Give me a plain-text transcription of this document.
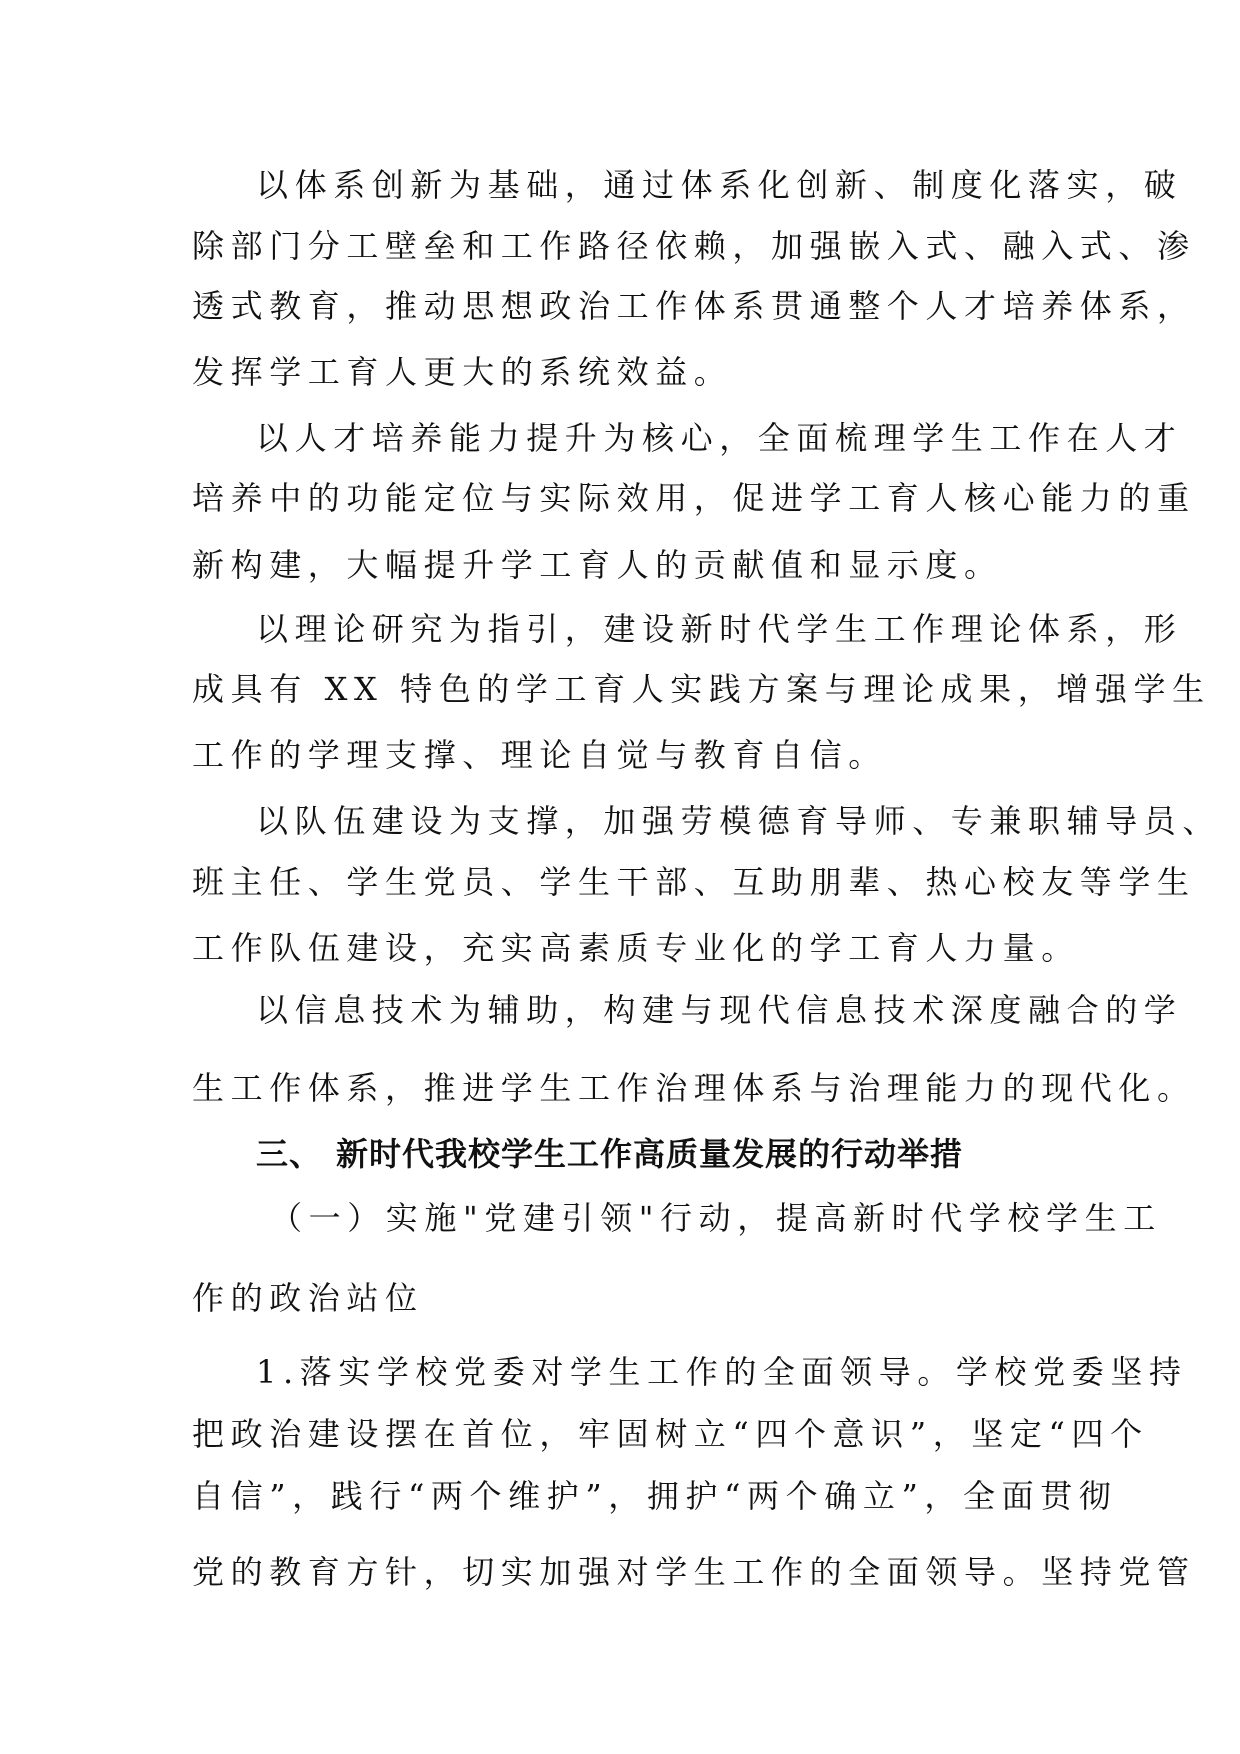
以体系创新为基础，通过体系化创新、制度化落实，破
除部门分工壁垒和工作路径依赖，加强嵌入式、融入式、渗
透式教育，推动思想政治工作体系贯通整个人才培养体系，
发挥学工育人更大的系统效益。
以人才培养能力提升为核心，全面梳理学生工作在人才
培养中的功能定位与实际效用，促进学工育人核心能力的重
新构建，大幅提升学工育人的贡献值和显示度。
以理论研究为指引，建设新时代学生工作理论体系，形
成具有 XX 特色的学工育人实践方案与理论成果，增强学生
工作的学理支撑、理论自觉与教育自信。
以队伍建设为支撑，加强劳模德育导师、专兼职辅导员、
班主任、学生党员、学生干部、互助朋辈、热心校友等学生
工作队伍建设，充实高素质专业化的学工育人力量。
以信息技术为辅助，构建与现代信息技术深度融合的学
生工作体系，推进学生工作治理体系与治理能力的现代化。
三、 新时代我校学生工作高质量发展的行动举措
（一）实施"党建引领"行动，提高新时代学校学生工
作的政治站位
1.落实学校党委对学生工作的全面领导。学校党委坚持
把政治建设摆在首位，牢固树立“四个意识”，坚定“四个
自信”，践行“两个维护”，拥护“两个确立”，全面贯彻
党的教育方针，切实加强对学生工作的全面领导。坚持党管
